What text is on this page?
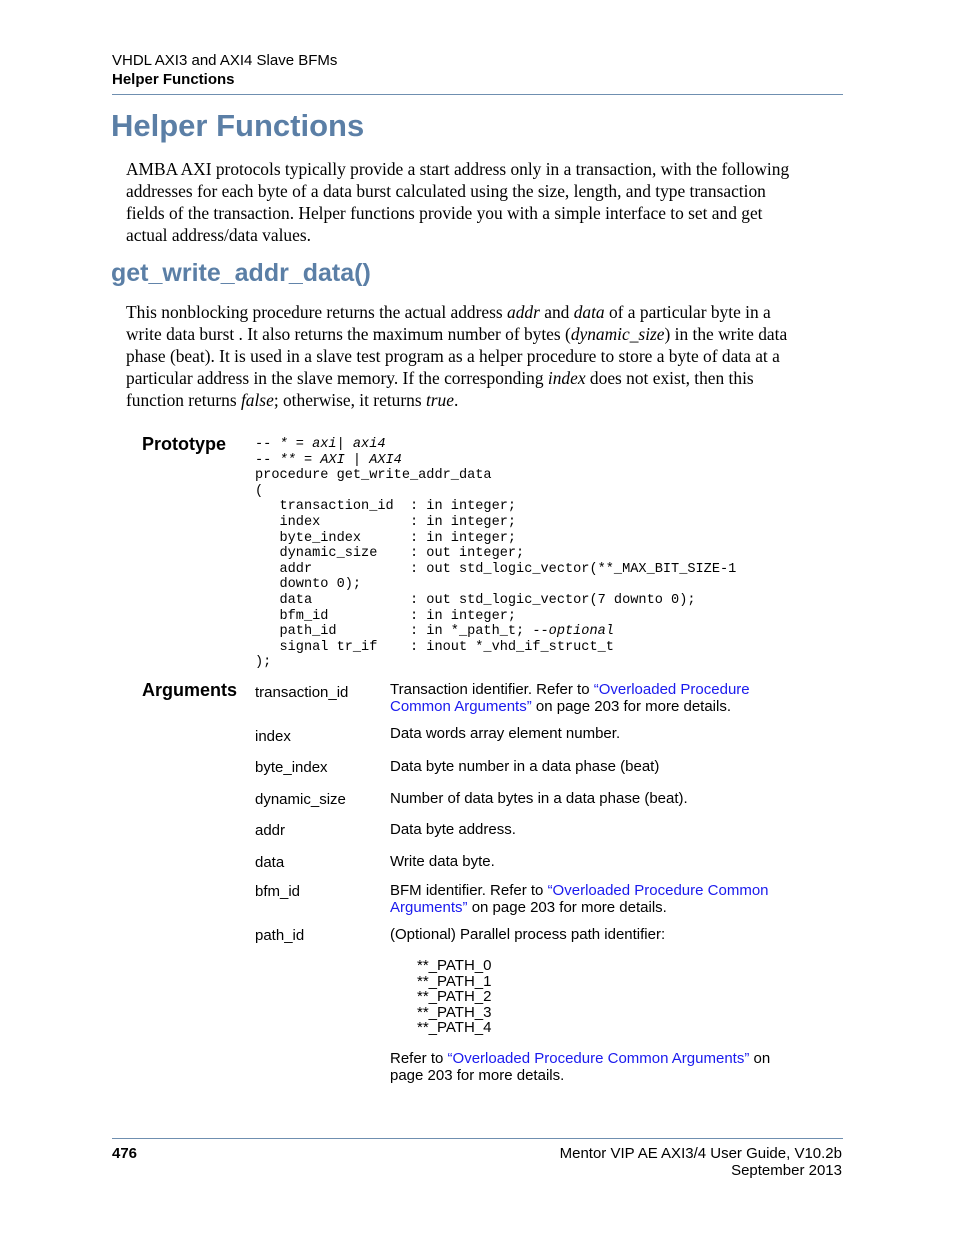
VHDL AXI3 and AXI4 Slave BFMs
Helper Functions
Helper Functions
AMBA AXI protocols typically provide a start address only in a transaction, with the following
addresses for each byte of a data burst calculated using the size, length, and type transaction
fields of the transaction. Helper functions provide you with a simple interface to set and get
actual address/data values.
get_write_addr_data()
This nonblocking procedure returns the actual address addr and data of a particular byte in a
write data burst . It also returns the maximum number of bytes (dynamic_size) in the write data
phase (beat). It is used in a slave test program as a helper procedure to store a byte of data at a
particular address in the slave memory. If the corresponding index does not exist, then this
function returns false; otherwise, it returns true.
Prototype -- * = axi| axi4
-- ** = AXI | AXI4
procedure get_write_addr_data
(
transaction_id  : in integer;
index           : in integer;
byte_index      : in integer;
dynamic_size    : out integer;
addr            : out std_logic_vector(**_MAX_BIT_SIZE-1
downto 0);
data            : out std_logic_vector(7 downto 0);
bfm_id          : in integer;
path_id         : in *_path_t; --optional
signal tr_if    : inout *_vhd_if_struct_t
);
Arguments transaction_id	Transaction identifier. Refer to “Overloaded Procedure
Common Arguments” on page 203 for more details.
index	Data words array element number.
byte_index	Data byte number in a data phase (beat)
dynamic_size	Number of data bytes in a data phase (beat).
addr	Data byte address.
data	Write data byte.
bfm_id	BFM identifier. Refer to “Overloaded Procedure Common
Arguments” on page 203 for more details.
path_id	(Optional) Parallel process path identifier:
**_PATH_0
**_PATH_1
**_PATH_2
**_PATH_3
**_PATH_4
Refer to “Overloaded Procedure Common Arguments” on
page 203 for more details.
476	Mentor VIP AE AXI3/4 User Guide, V10.2b
September 2013
